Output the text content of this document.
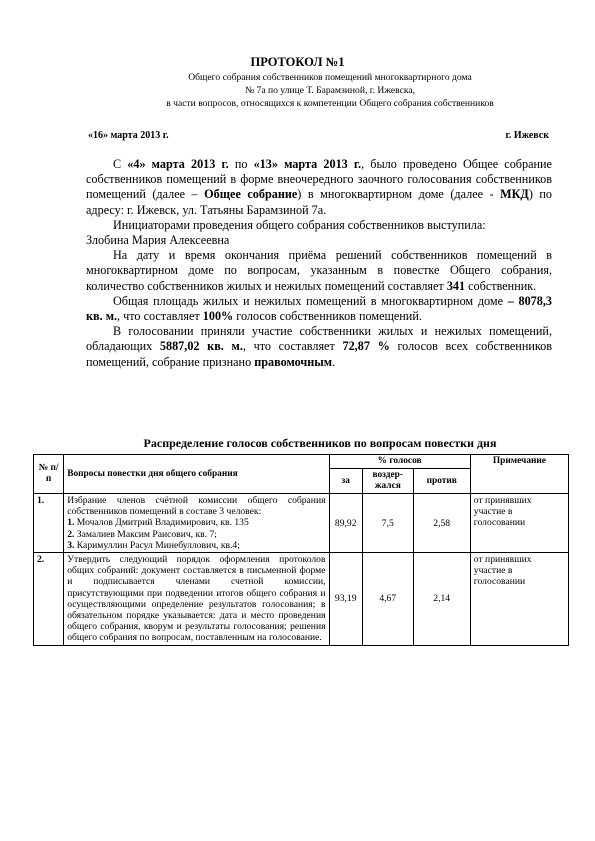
ПРОТОКОЛ №1
Общего собрания собственников помещений многоквартирного дома
№ 7а по улице Т. Барамзиной, г. Ижевска,
в части вопросов, относящихся к компетенции Общего собрания собственников
«16» марта 2013 г.	г. Ижевск

С «4» марта 2013 г. по «13» марта 2013 г., было проведено Общее собрание собственников помещений в форме внеочередного заочного голосования собственников помещений (далее – Общее собрание) в многоквартирном доме (далее - МКД) по адресу: г. Ижевск, ул. Татьяны Барамзиной 7а.

Инициаторами проведения общего собрания собственников выступила:

Злобина Мария Алексеевна

На дату и время окончания приёма решений собственников помещений в многоквартирном доме по вопросам, указанным в повестке Общего собрания, количество собственников жилых и нежилых помещений составляет 341 собственник.

Общая площадь жилых и нежилых помещений в многоквартирном доме – 8078,3 кв. м., что составляет 100% голосов собственников помещений.

В голосовании приняли участие собственники жилых и нежилых помещений, обладающих 5887,02 кв. м., что составляет 72,87 % голосов всех собственников помещений, собрание признано правомочным.

Распределение голосов собственников по вопросам повестки дня
№ п/п	Вопросы повестки дня общего собрания	% голосов			Примечание
		за	воздер-жался	против	
1.	Избрание членов счётной комиссии общего собрания собственников помещений в составе 3 человек:

1. Мочалов Дмитрий Владимирович, кв. 135

2. Замалиев Максим Раисович, кв. 7;

3. Каримуллин Расул Минебуллович, кв.4;	89,92	7,5	2,58	от принявших участие в голосовании
2.	Утвердить следующий порядок оформления протоколов общих собраний: документ составляется в письменной форме и подписывается членами счетной комиссии, присутствующими при подведении итогов общего собрания и осуществляющими определение результатов голосования; в обязательном порядке указывается: дата и место проведения общего собрания, кворум и результаты голосования; решения общего собрания по вопросам, поставленным на голосование.	93,19	4,67	2,14	от принявших участие в голосовании
